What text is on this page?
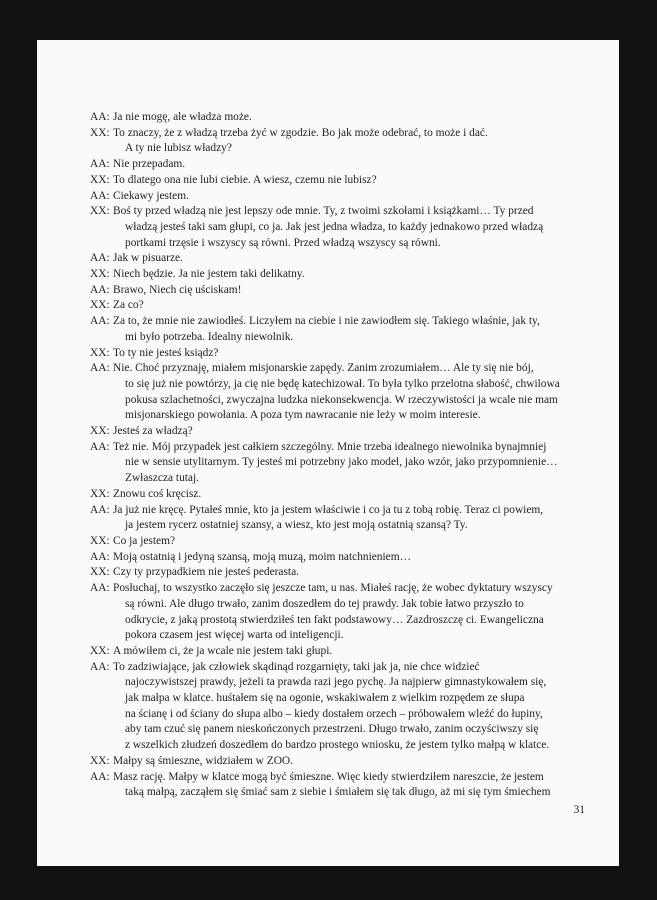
AA: Ja nie mogę, ale władza może.
XX: To znaczy, że z władzą trzeba żyć w zgodzie. Bo jak może odebrać, to może i dać.
A ty nie lubisz władzy?
AA: Nie przepadam.
XX: To dlatego ona nie lubi ciebie. A wiesz, czemu nie lubisz?
AA: Ciekawy jestem.
XX: Boś ty przed władzą nie jest lepszy ode mnie. Ty, z twoimi szkołami i książkami… Ty przed
władzą jesteś taki sam głupi, co ja. Jak jest jedna władza, to każdy jednakowo przed władzą
portkami trzęsie i wszyscy są równi. Przed władzą wszyscy są równi.
AA: Jak w pisuarze.
XX: Niech będzie. Ja nie jestem taki delikatny.
AA: Brawo, Niech cię uściskam!
XX: Za co?
AA: Za to, że mnie nie zawiodłeś. Liczyłem na ciebie i nie zawiodłem się. Takiego właśnie, jak ty,
mi było potrzeba. Idealny niewolnik.
XX: To ty nie jesteś ksiądz?
AA: Nie. Choć przyznaję, miałem misjonarskie zapędy. Zanim zrozumiałem… Ale ty się nie bój,
to się już nie powtórzy, ja cię nie będę katechizował. To była tylko przelotna słabość, chwilowa
pokusa szlachetności, zwyczajna ludzka niekonsekwencja. W rzeczywistości ja wcale nie mam
misjonarskiego powołania. A poza tym nawracanie nie leży w moim interesie.
XX: Jesteś za władzą?
AA: Też nie. Mój przypadek jest całkiem szczególny. Mnie trzeba idealnego niewolnika bynajmniej
nie w sensie utylitarnym. Ty jesteś mi potrzebny jako model, jako wzór, jako przypomnienie…
Zwłaszcza tutaj.
XX: Znowu coś kręcisz.
AA: Ja już nie kręcę. Pytałeś mnie, kto ja jestem właściwie i co ja tu z tobą robię. Teraz ci powiem,
ja jestem rycerz ostatniej szansy, a wiesz, kto jest moją ostatnią szansą? Ty.
XX: Co ja jestem?
AA: Moją ostatnią i jedyną szansą, moją muzą, moim natchnieniem…
XX: Czy ty przypadkiem nie jesteś pederasta.
AA: Posłuchaj, to wszystko zaczęło się jeszcze tam, u nas. Miałeś rację, że wobec dyktatury wszyscy
są równi. Ale długo trwało, zanim doszedłem do tej prawdy. Jak tobie łatwo przyszło to
odkrycie, z jaką prostotą stwierdziłeś ten fakt podstawowy… Zazdroszczę ci. Ewangeliczna
pokora czasem jest więcej warta od inteligencji.
XX: A mówiłem ci, że ja wcale nie jestem taki głupi.
AA: To zadziwiające, jak człowiek skądinąd rozgarnięty, taki jak ja, nie chce widzieć
najoczywistszej prawdy, jeżeli ta prawda razi jego pychę. Ja najpierw gimnastykowałem się,
jak małpa w klatce. huśtałem się na ogonie, wskakiwałem z wielkim rozpędem ze słupa
na ścianę i od ściany do słupa albo – kiedy dostałem orzech – próbowałem wleźć do łupiny,
aby tam czuć się panem nieskończonych przestrzeni. Długo trwało, zanim oczyściwszy się
z wszelkich złudzeń doszedłem do bardzo prostego wniosku, że jestem tylko małpą w klatce.
XX: Małpy są śmieszne, widziałem w ZOO.
AA: Masz rację. Małpy w klatce mogą być śmieszne. Więc kiedy stwierdziłem nareszcie, że jestem
taką małpą, zacząłem się śmiać sam z siebie i śmiałem się tak długo, aż mi się tym śmiechem
31
